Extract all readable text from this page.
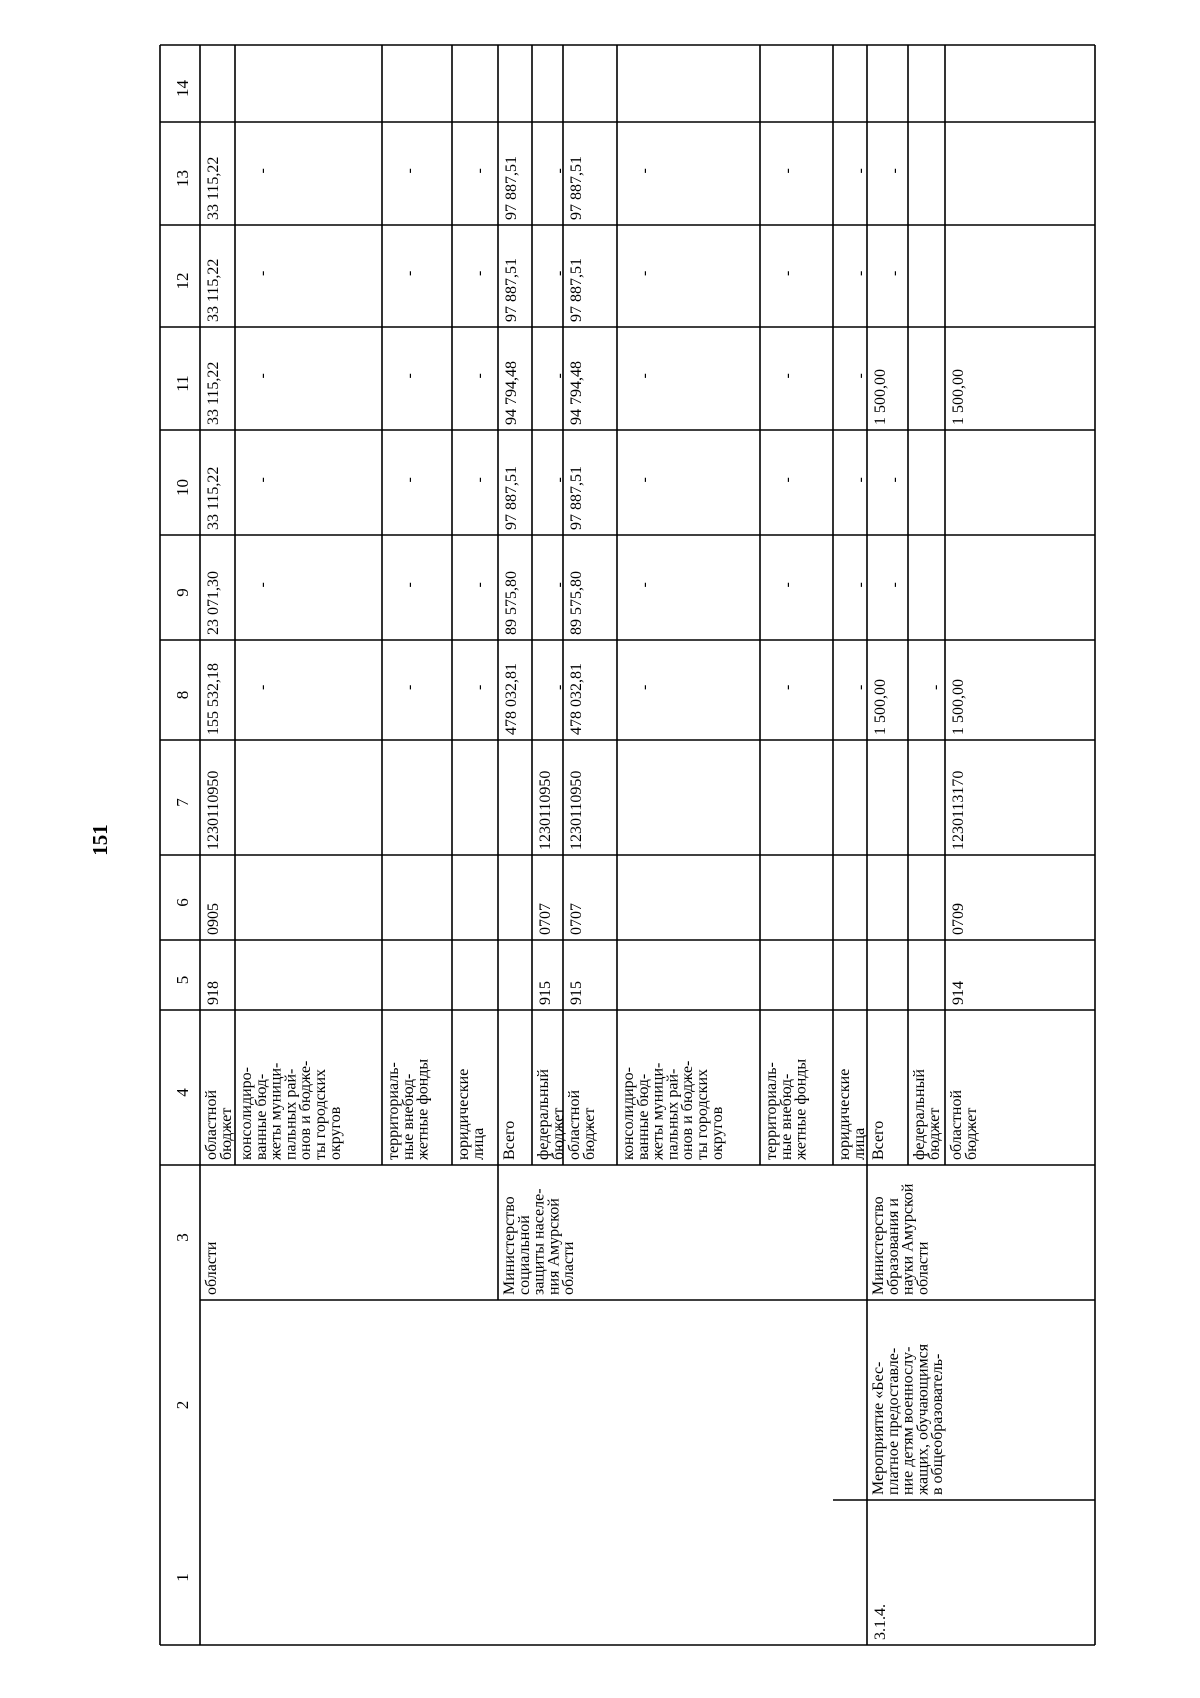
151
1
2
3
4
5
6
7
8
9
10
11
12
13
14
области
областной
бюджет
918
0905
1230110950
155 532,18
23 071,30
33 115,22
33 115,22
33 115,22
33 115,22
консолидиро-
ванные бюд-
жеты муници-
пальных рай-
онов и бюдже-
ты городских
округов
-
-
-
-
-
-
территориаль-
ные внебюд-
жетные фонды
-
-
-
-
-
-
юридические
лица
-
-
-
-
-
-
Министерство
социальной
защиты населе-
ния Амурской
области
Всего
478 032,81
89 575,80
97 887,51
94 794,48
97 887,51
97 887,51
федеральный
бюджет
915
0707
1230110950
-
-
-
-
-
-
областной
бюджет
915
0707
1230110950
478 032,81
89 575,80
97 887,51
94 794,48
97 887,51
97 887,51
консолидиро-
ванные бюд-
жеты муници-
пальных рай-
онов и бюдже-
ты городских
округов
-
-
-
-
-
-
территориаль-
ные внебюд-
жетные фонды
-
-
-
-
-
-
юридические
лица
-
-
-
-
-
-
3.1.4.
Мероприятие «Бес-
платное предоставле-
ние детям военнослу-
жащих, обучающимся
в общеобразователь-
Министерство
образования и
науки Амурской
области
Всего
1 500,00
-
-
1 500,00
-
-
федеральный
бюджет
-
областной
бюджет
914
0709
1230113170
1 500,00
1 500,00
